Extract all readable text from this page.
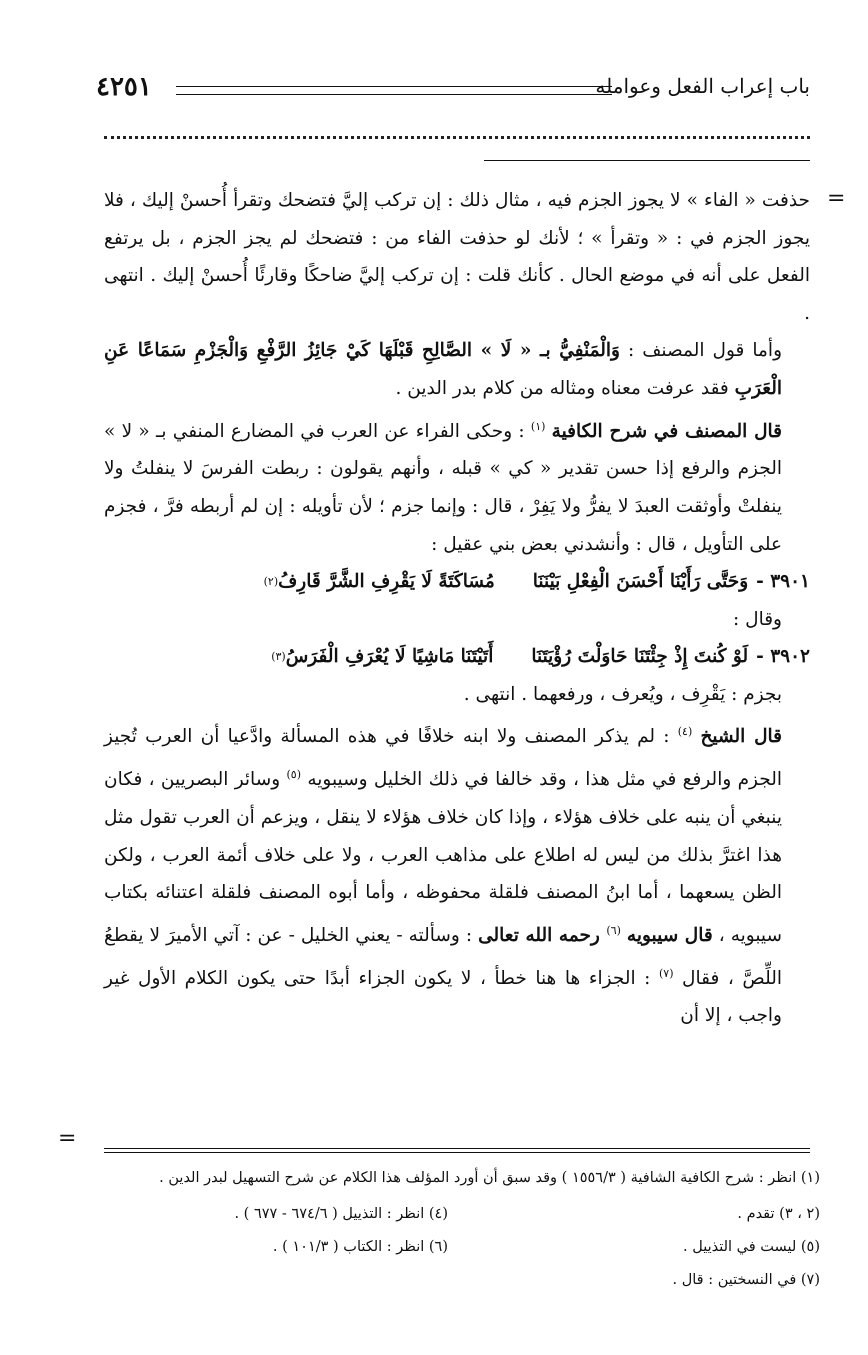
٤٢٥١	باب إعراب الفعل وعوامله
=
=

حذفت « الفاء » لا يجوز الجزم فيه ، مثال ذلك : إن تركب إليَّ فتضحك وتقرأ أُحسنْ إليك ، فلا يجوز الجزم في : « وتقرأ » ؛ لأنك لو حذفت الفاء من : فتضحك لم يجز الجزم ، بل يرتفع الفعل على أنه في موضع الحال . كأنك قلت : إن تركب إليَّ ضاحكًا وقارئًا أُحسنْ إليك . انتهى .

وأما قول المصنف : وَالْمَنْفِيُّ بـ « لَا » الصَّالِحِ قَبْلَهَا كَيْ جَائِزُ الرَّفْعِ وَالْجَزْمِ سَمَاعًا عَنِ الْعَرَبِ فقد عرفت معناه ومثاله من كلام بدر الدين .

قال المصنف في شرح الكافية $^{(١)}$ : وحكى الفراء عن العرب في المضارع المنفي بـ « لا » الجزم والرفع إذا حسن تقدير « كي » قبله ، وأنهم يقولون : ربطت الفرسَ لا ينفلتُ ولا ينفلتْ وأوثقت العبدَ لا يفرُّ ولا يَفِرْ ، قال : وإنما جزم ؛ لأن تأويله : إن لم أربطه فرَّ ، فجزم على التأويل ، قال : وأنشدني بعض بني عقيل :

٣٩٠١ -
وَحَتَّى رَأَيْنَا أَحْسَنَ الْفِعْلِ بَيْنَنَا
مُسَاكَتَةً لَا يَقْرِفِ الشَّرَّ قَارِفُ
(٢)

وقال :

٣٩٠٢ -
لَوْ كُنتَ إِذْ جِئْتَنَا حَاوَلْتَ رُؤْيَتَنَا
أَتَيْتَنَا مَاشِيًا لَا يُعْرَفِ الْفَرَسُ
(٣)

بجزم : يَقْرِف ، ويُعرف ، ورفعهما . انتهى .

قال الشيخ $^{(٤)}$ : لم يذكر المصنف ولا ابنه خلافًا في هذه المسألة وادَّعيا أن العرب تُجيز الجزم والرفع في مثل هذا ، وقد خالفا في ذلك الخليل وسيبويه $^{(٥)}$ وسائر البصريين ، فكان ينبغي أن ينبه على خلاف هؤلاء ، وإذا كان خلاف هؤلاء لا ينقل ، ويزعم أن العرب تقول مثل هذا اغترَّ بذلك من ليس له اطلاع على مذاهب العرب ، ولا على خلاف أئمة العرب ، ولكن الظن يسعهما ، أما ابنُ المصنف فلقلة محفوظه ، وأما أبوه المصنف فلقلة اعتنائه بكتاب سيبويه ، قال سيبويه $^{(٦)}$ رحمه الله تعالى : وسألته - يعني الخليل - عن : آتي الأميرَ لا يقطعُ اللِّصَّ ، فقال $^{(٧)}$ : الجزاء ها هنا خطأ ، لا يكون الجزاء أبدًا حتى يكون الكلام الأول غير واجب ، إلا أن

(١) انظر : شرح الكافية الشافية ( ١٥٥٦/٣ ) وقد سبق أن أورد المؤلف هذا الكلام عن شرح التسهيل لبدر الدين .
(٢ ، ٣) تقدم .
(٤) انظر : التذييل ( ٦٧٤/٦ - ٦٧٧ ) .
(٥) ليست في التذييل .
(٦) انظر : الكتاب ( ١٠١/٣ ) .
(٧) في النسختين : قال .
